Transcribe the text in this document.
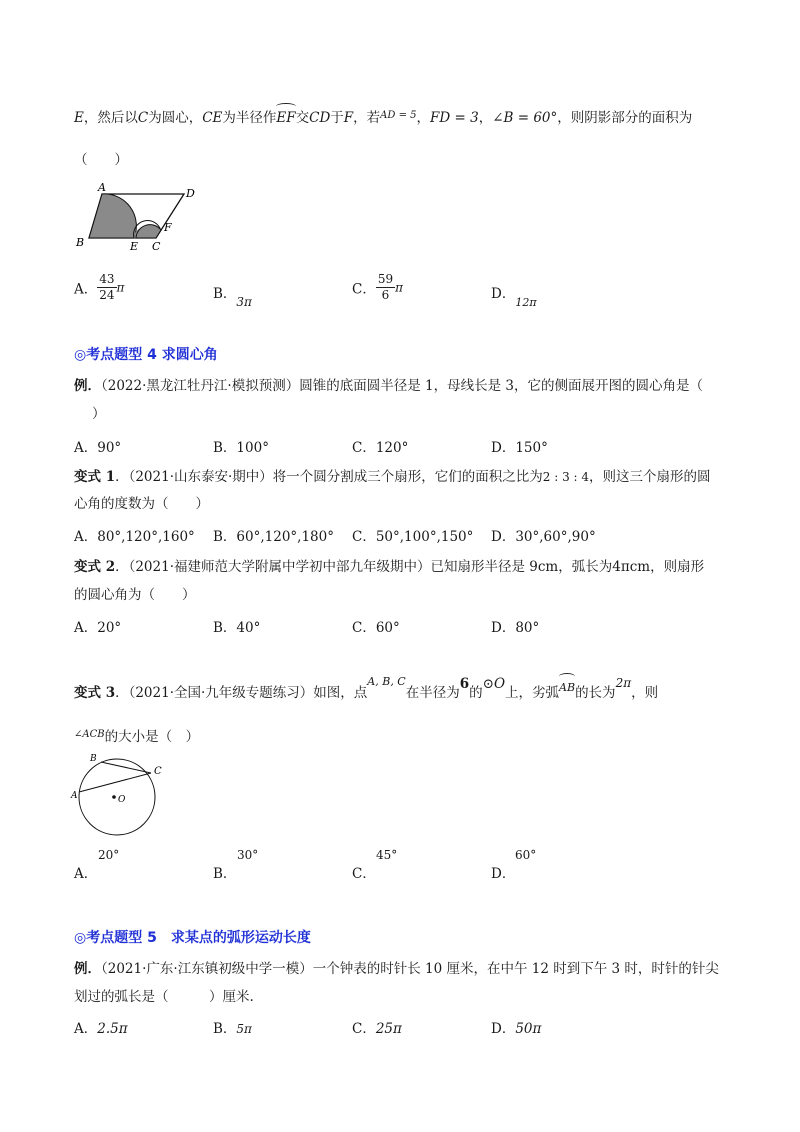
E，然后以C为圆心，CE为半径作EF交CD于F，若$^{AD = 5}$，FD = 3，∠B = 60°，则阴影部分的面积为
（　　）
A	D
B	E C
F
A． $\frac{43}{24}$ π	B．3π
C． $\frac{59}{6}$ π	D．$_{12\pi}$
◎考点题型 4 求圆心角
例．（2022·黑龙江牡丹江·模拟预测）圆锥的底面圆半径是 1，母线长是 3，它的侧面展开图的圆心角是（
）
A．90°	B．100°	C．120°	D．150°
变式 1．（2021·山东泰安·期中）将一个圆分割成三个扇形，它们的面积之比为2 : 3 : 4，则这三个扇形的圆
心角的度数为（　　）
A．80°,120°,160° B．60°,120°,180° C．50°,100°,150° D．30°,60°,90°
变式 2．（2021·福建师范大学附属中学初中部九年级期中）已知扇形半径是 9cm，弧长为4πcm，则扇形
的圆心角为（　　）
A．20°	B．40°	C．60°	D．80°
变式 3．（2021·全国·九年级专题练习）如图，点$^{A, B, C}$在半径为6的⊙O上，劣弧AB的长为2π，则
$^{\angle ACB}$的大小是（　）
B
C
A	O
A．
20°
B．
30°
C．
45°
D．
60°
◎考点题型 5　求某点的弧形运动长度
例．（2021·广东·江东镇初级中学一模）一个钟表的时针长 10 厘米，在中午 12 时到下午 3 时，时针的针尖
划过的弧长是（　　　）厘米.
A．2.5π	B．5π	C．25π	D．50π
